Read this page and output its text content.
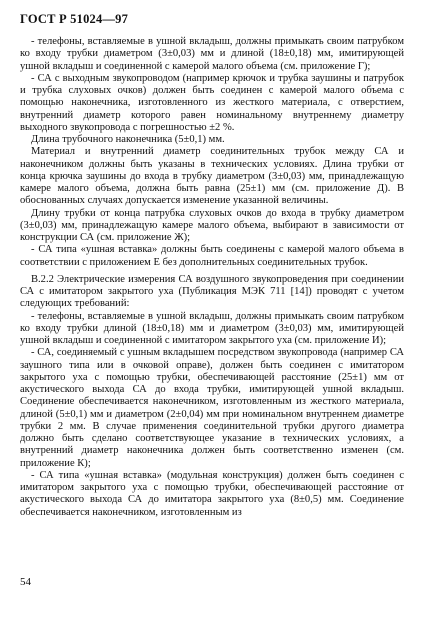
ГОСТ Р 51024—97

- телефоны, вставляемые в ушной вкладыш, должны примыкать своим патрубком ко входу трубки диаметром (3±0,03) мм и длиной (18±0,18) мм, имитирующей ушной вкладыш и соединенной с камерой малого объема (см. приложение Г);

- СА с выходным звукопроводом (например крючок и трубка заушины и патрубок и трубка слуховых очков) должен быть соединен с камерой малого объема с помощью наконечника, изготовленного из жесткого материала, с отверстием, внутренний диаметр которого равен номинальному внутреннему диаметру выходного звукопровода с погрешностью ±2 %.

Длина трубочного наконечника (5±0,1) мм.

Материал и внутренний диаметр соединительных трубок между СА и наконечником должны быть указаны в технических условиях. Длина трубки от конца крючка заушины до входа в трубку диаметром (3±0,03) мм, принадлежащую камере малого объема, должна быть равна (25±1) мм (см. приложение Д). В обоснованных случаях допускается изменение указанной величины.

Длину трубки от конца патрубка слуховых очков до входа в трубку диаметром (3±0,03) мм, принадлежащую камере малого объема, выбирают в зависимости от конструкции СА (см. приложение Ж);

- СА типа «ушная вставка» должны быть соединены с камерой малого объема в соответствии с приложением Е без дополнительных соединительных трубок.

В.2.2 Электрические измерения СА воздушного звукопроведения при соединении СА с имитатором закрытого уха (Публикация МЭК 711 [14]) проводят с учетом следующих требований:

- телефоны, вставляемые в ушной вкладыш, должны примыкать своим патрубком ко входу трубки длиной (18±0,18) мм и диаметром (3±0,03) мм, имитирующей ушной вкладыш и соединенной с имитатором закрытого уха (см. приложение И);

- СА, соединяемый с ушным вкладышем посредством звукопровода (например СА заушного типа или в очковой оправе), должен быть соединен с имитатором закрытого уха с помощью трубки, обеспечивающей расстояние (25±1) мм от акустического выхода СА до входа трубки, имитирующей ушной вкладыш. Соединение обеспечивается наконечником, изготовленным из жесткого материала, длиной (5±0,1) мм и диаметром (2±0,04) мм при номинальном внутреннем диаметре трубки 2 мм. В случае применения соединительной трубки другого диаметра должно быть сделано соответствующее указание в технических условиях, а внутренний диаметр наконечника должен быть соответственно изменен (см. приложение К);

- СА типа «ушная вставка» (модульная конструкция) должен быть соединен с имитатором закрытого уха с помощью трубки, обеспечивающей расстояние от акустического выхода СА до имитатора закрытого уха (8±0,5) мм. Соединение обеспечивается наконечником, изготовленным из

54
